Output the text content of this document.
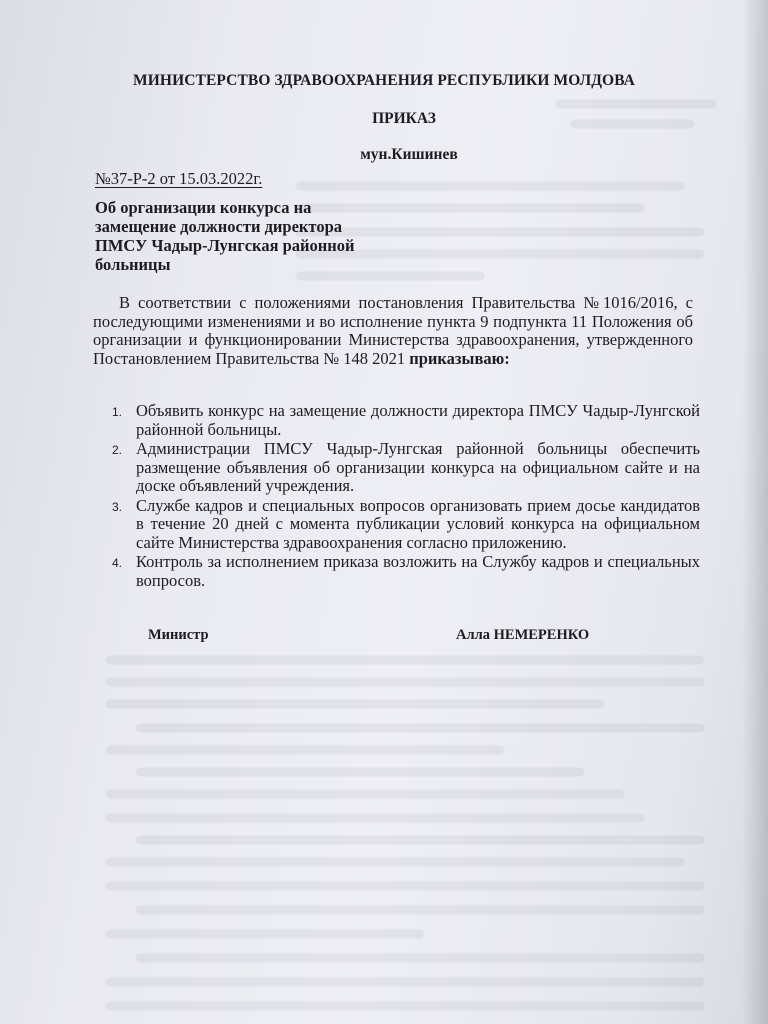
МИНИСТЕРСТВО ЗДРАВООХРАНЕНИЯ РЕСПУБЛИКИ МОЛДОВА
ПРИКАЗ
мун.Кишинев
№37-P-2 от 15.03.2022г.
Об организации конкурса на
замещение должности директора
ПМСУ Чадыр-Лунгская районной
больницы
В соответствии с положениями постановления Правительства №1016/2016, с последующими изменениями и во исполнение пункта 9 подпункта 11 Положения об организации и функционировании Министерства здравоохранения, утвержденного Постановлением Правительства № 148 2021 приказываю:
1. Объявить конкурс на замещение должности директора ПМСУ Чадыр-Лунгской районной больницы.
2. Администрации ПМСУ Чадыр-Лунгская районной больницы обеспечить размещение объявления об организации конкурса на официальном сайте и на доске объявлений учреждения.
3. Службе кадров и специальных вопросов организовать прием досье кандидатов в течение 20 дней с момента публикации условий конкурса на официальном сайте Министерства здравоохранения согласно приложению.
4. Контроль за исполнением приказа возложить на Службу кадров и специальных вопросов.
Министр	Алла НЕМЕРЕНКО
